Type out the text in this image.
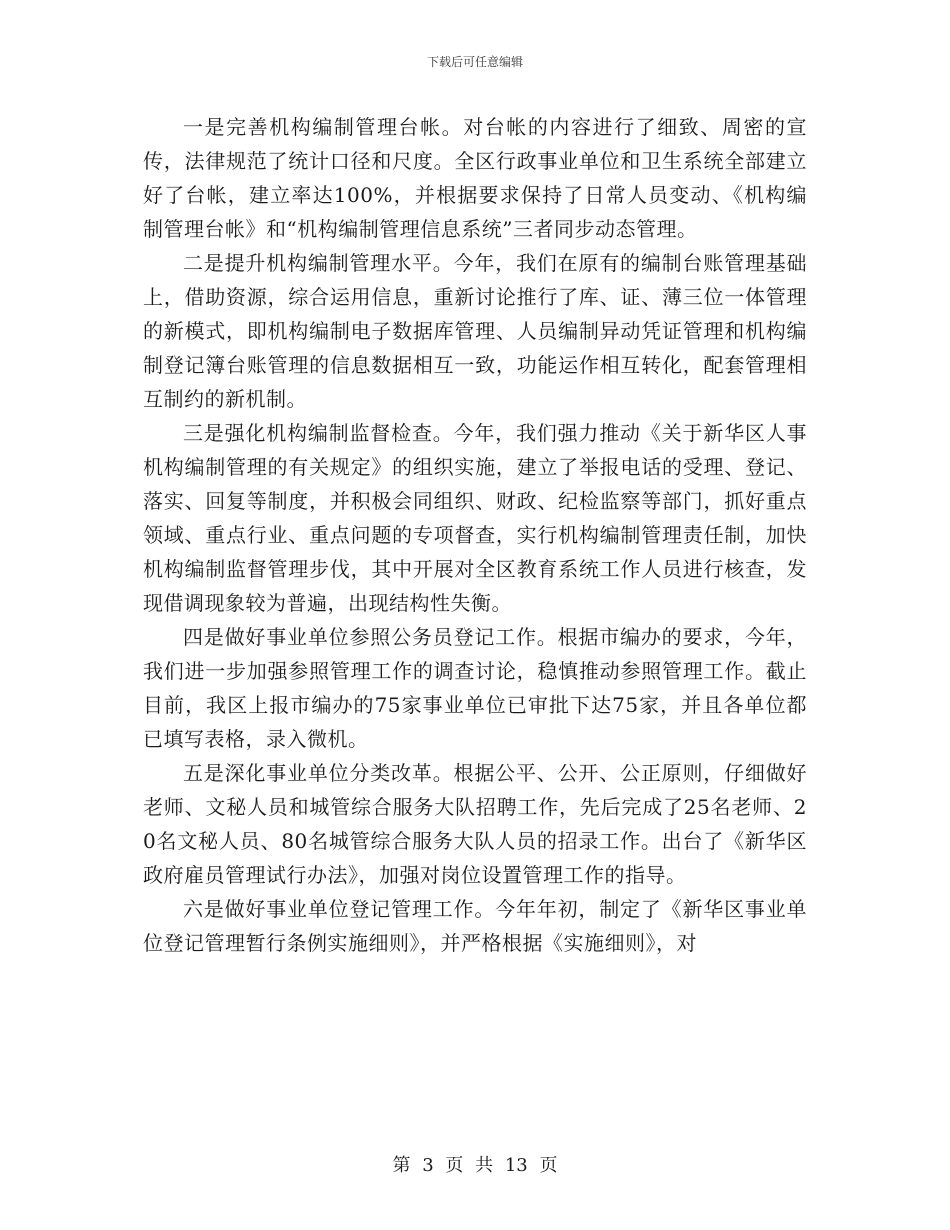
下载后可任意编辑

一是完善机构编制管理台帐。对台帐的内容进行了细致、周密的宣传，法律规范了统计口径和尺度。全区行政事业单位和卫生系统全部建立好了台帐，建立率达100%，并根据要求保持了日常人员变动、《机构编制管理台帐》和“机构编制管理信息系统”三者同步动态管理。

二是提升机构编制管理水平。今年，我们在原有的编制台账管理基础上，借助资源，综合运用信息，重新讨论推行了库、证、薄三位一体管理的新模式，即机构编制电子数据库管理、人员编制异动凭证管理和机构编制登记簿台账管理的信息数据相互一致，功能运作相互转化，配套管理相互制约的新机制。

三是强化机构编制监督检查。今年，我们强力推动《关于新华区人事机构编制管理的有关规定》的组织实施，建立了举报电话的受理、登记、落实、回复等制度，并积极会同组织、财政、纪检监察等部门，抓好重点领域、重点行业、重点问题的专项督查，实行机构编制管理责任制，加快机构编制监督管理步伐，其中开展对全区教育系统工作人员进行核查，发现借调现象较为普遍，出现结构性失衡。

四是做好事业单位参照公务员登记工作。根据市编办的要求，今年，我们进一步加强参照管理工作的调查讨论，稳慎推动参照管理工作。截止目前，我区上报市编办的75家事业单位已审批下达75家，并且各单位都已填写表格，录入微机。

五是深化事业单位分类改革。根据公平、公开、公正原则，仔细做好老师、文秘人员和城管综合服务大队招聘工作，先后完成了25名老师、20名文秘人员、80名城管综合服务大队人员的招录工作。出台了《新华区政府雇员管理试行办法》，加强对岗位设置管理工作的指导。

六是做好事业单位登记管理工作。今年年初，制定了《新华区事业单位登记管理暂行条例实施细则》，并严格根据《实施细则》，对

第 3 页 共 13 页
